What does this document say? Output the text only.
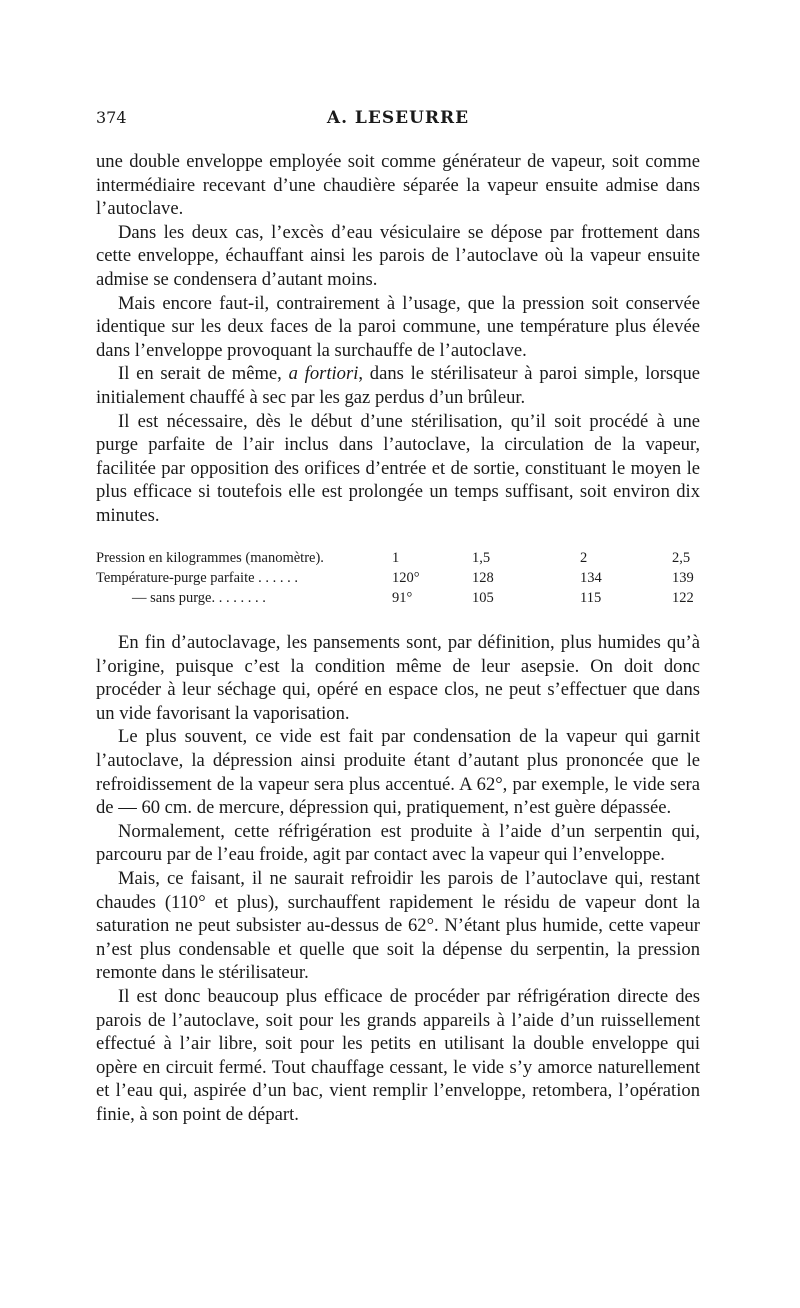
374	A. LESEURRE

une double enveloppe employée soit comme générateur de vapeur, soit comme intermédiaire recevant d’une chaudière séparée la vapeur ensuite admise dans l’autoclave.

Dans les deux cas, l’excès d’eau vésiculaire se dépose par frottement dans cette enveloppe, échauffant ainsi les parois de l’autoclave où la vapeur ensuite admise se condensera d’autant moins.

Mais encore faut-il, contrairement à l’usage, que la pression soit conservée identique sur les deux faces de la paroi commune, une température plus élevée dans l’enveloppe provoquant la surchauffe de l’autoclave.

Il en serait de même, a fortiori, dans le stérilisateur à paroi simple, lorsque initialement chauffé à sec par les gaz perdus d’un brûleur.

Il est nécessaire, dès le début d’une stérilisation, qu’il soit procédé à une purge parfaite de l’air inclus dans l’autoclave, la circulation de la vapeur, facilitée par opposition des orifices d’entrée et de sortie, constituant le moyen le plus efficace si toutefois elle est prolongée un temps suffisant, soit environ dix minutes.

Pression en kilogrammes (manomètre).	1	1,5	2	2,5
Température-purge parfaite . . . . . .	120°	128	134	139
— sans purge. . . . . . . .	91°	105	115	122

En fin d’autoclavage, les pansements sont, par définition, plus humides qu’à l’origine, puisque c’est la condition même de leur asepsie. On doit donc procéder à leur séchage qui, opéré en espace clos, ne peut s’effectuer que dans un vide favorisant la vaporisation.

Le plus souvent, ce vide est fait par condensation de la vapeur qui garnit l’autoclave, la dépression ainsi produite étant d’autant plus prononcée que le refroidissement de la vapeur sera plus accentué. A 62°, par exemple, le vide sera de — 60 cm. de mercure, dépression qui, pratiquement, n’est guère dépassée.

Normalement, cette réfrigération est produite à l’aide d’un serpentin qui, parcouru par de l’eau froide, agit par contact avec la vapeur qui l’enveloppe.

Mais, ce faisant, il ne saurait refroidir les parois de l’autoclave qui, restant chaudes (110° et plus), surchauffent rapidement le résidu de vapeur dont la saturation ne peut subsister au-dessus de 62°. N’étant plus humide, cette vapeur n’est plus condensable et quelle que soit la dépense du serpentin, la pression remonte dans le stérilisateur.

Il est donc beaucoup plus efficace de procéder par réfrigération directe des parois de l’autoclave, soit pour les grands appareils à l’aide d’un ruissellement effectué à l’air libre, soit pour les petits en utilisant la double enveloppe qui opère en circuit fermé. Tout chauffage cessant, le vide s’y amorce naturellement et l’eau qui, aspirée d’un bac, vient remplir l’enveloppe, retombera, l’opération finie, à son point de départ.
